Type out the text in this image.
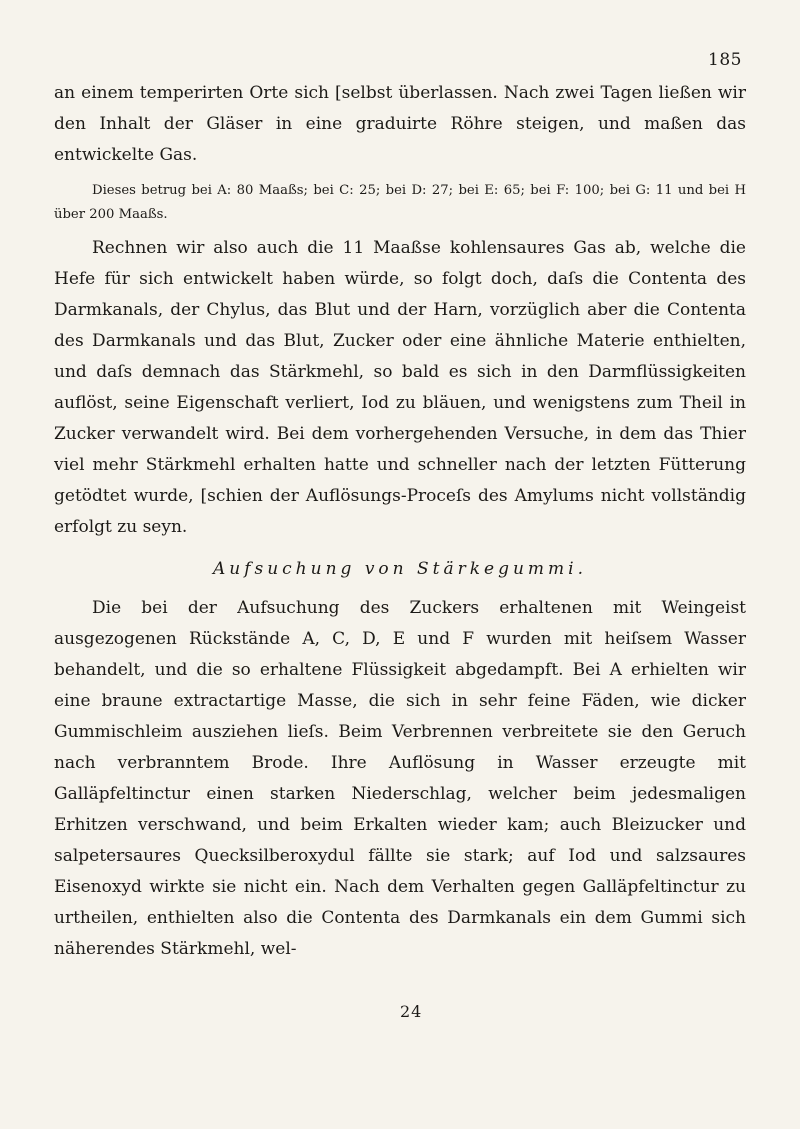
185

an einem temperirten Orte sich [selbst überlassen. Nach zwei Tagen ließen wir den Inhalt der Gläser in eine graduirte Röhre steigen, und maßen das entwickelte Gas.

Dieses betrug bei A: 80 Maaßs; bei C: 25; bei D: 27; bei E: 65; bei F: 100; bei G: 11 und bei H über 200 Maaßs.

Rechnen wir also auch die 11 Maaßse kohlensaures Gas ab, welche die Hefe für sich entwickelt haben würde, so folgt doch, daſs die Contenta des Darmkanals, der Chylus, das Blut und der Harn, vorzüglich aber die Contenta des Darmkanals und das Blut, Zucker oder eine ähnliche Materie enthielten, und daſs demnach das Stärkmehl, so bald es sich in den Darmflüssigkeiten auflöst, seine Eigenschaft verliert, Iod zu bläuen, und wenigstens zum Theil in Zucker verwandelt wird. Bei dem vorhergehenden Versuche, in dem das Thier viel mehr Stärkmehl erhalten hatte und schneller nach der letzten Fütterung getödtet wurde, [schien der Auflösungs-Proceſs des Amylums nicht vollständig erfolgt zu seyn.

Aufsuchung von Stärkegummi.

Die bei der Aufsuchung des Zuckers erhaltenen mit Weingeist ausgezogenen Rückstände A, C, D, E und F wurden mit heiſsem Wasser behandelt, und die so erhaltene Flüssigkeit abgedampft. Bei A erhielten wir eine braune extractartige Masse, die sich in sehr feine Fäden, wie dicker Gummischleim ausziehen lieſs. Beim Verbrennen verbreitete sie den Geruch nach verbranntem Brode. Ihre Auflösung in Wasser erzeugte mit Galläpfeltinctur einen starken Niederschlag, welcher beim jedesmaligen Erhitzen verschwand, und beim Erkalten wieder kam; auch Bleizucker und salpetersaures Quecksilberoxydul fällte sie stark; auf Iod und salzsaures Eisenoxyd wirkte sie nicht ein. Nach dem Verhalten gegen Galläpfeltinctur zu urtheilen, enthielten also die Contenta des Darmkanals ein dem Gummi sich näherendes Stärkmehl, wel-

24
